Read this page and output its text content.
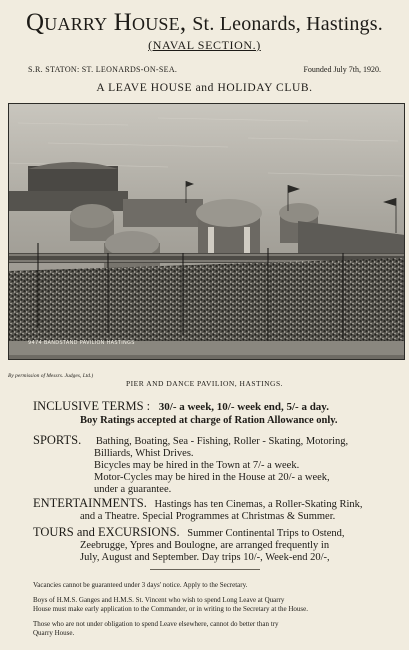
Quarry House, St. Leonards, Hastings.
(NAVAL SECTION.)
S.R. STATON: ST. LEONARDS-ON-SEA.	Founded July 7th, 1920.
A LEAVE HOUSE and HOLIDAY CLUB.
9474 BANDSTAND PAVILION HASTINGS
By permission of Messrs. Judges, Ltd.)
PIER AND DANCE PAVILION, HASTINGS.
INCLUSIVE TERMS : 30/- a week, 10/- week end, 5/- a day.
Boy Ratings accepted at charge of Ration Allowance only.
SPORTS. Bathing, Boating, Sea - Fishing, Roller - Skating, Motoring,
Billiards, Whist Drives.
Bicycles may be hired in the Town at 7/- a week.
Motor-Cycles may be hired in the House at 20/- a week,
under a guarantee.
ENTERTAINMENTS. Hastings has ten Cinemas, a Roller-Skating Rink,
and a Theatre. Special Programmes at Christmas & Summer.
TOURS and EXCURSIONS. Summer Continental Trips to Ostend,
Zeebrugge, Ypres and Boulogne, are arranged frequently in
July, August and September. Day trips 10/-, Week-end 20/-,
Vacancies cannot be guaranteed under 3 days' notice. Apply to the Secretary.
Boys of H.M.S. Ganges and H.M.S. St. Vincent who wish to spend Long Leave at Quarry
House must make early application to the Commander, or in writing to the Secretary at the House.
Those who are not under obligation to spend Leave elsewhere, cannot do better than try
Quarry House.
